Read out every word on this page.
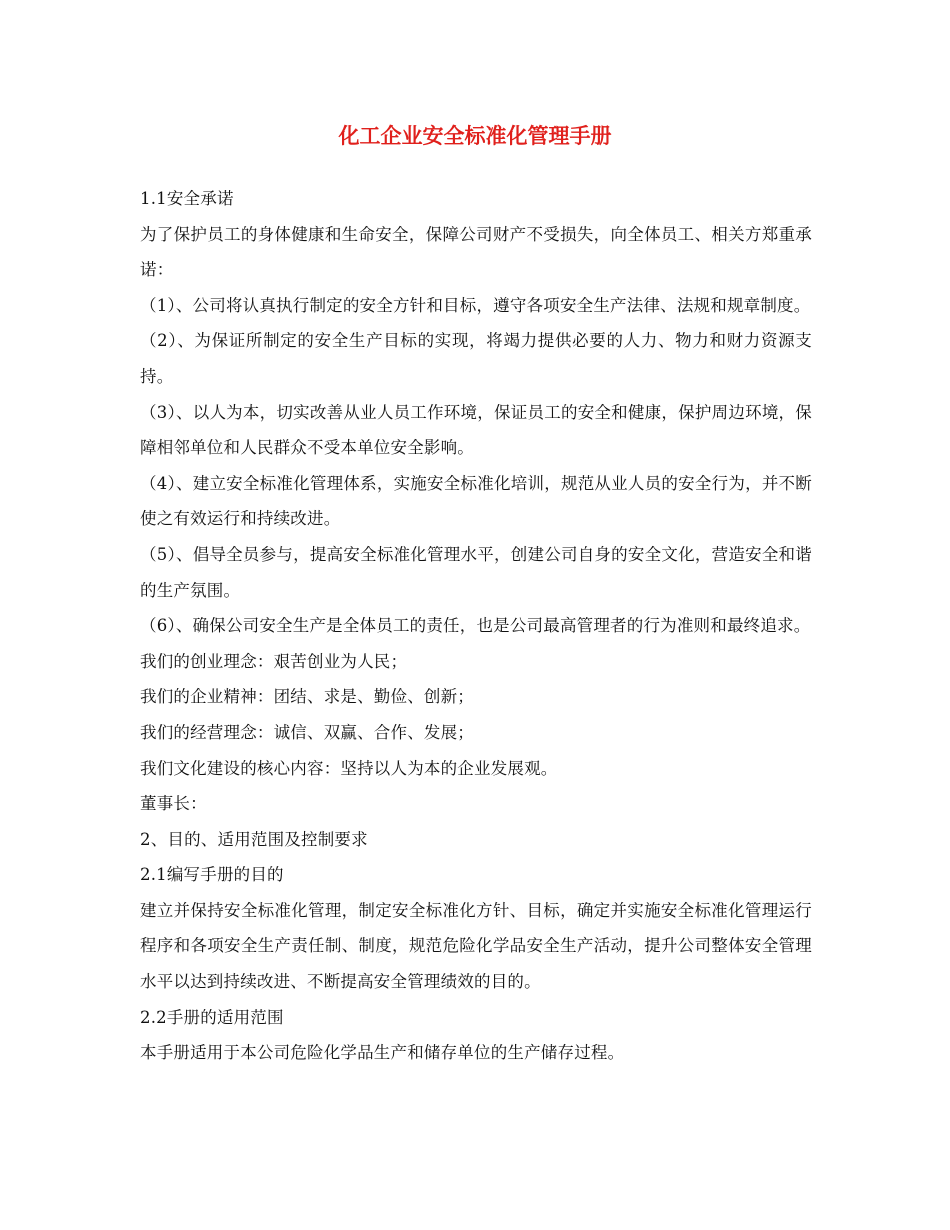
化工企业安全标准化管理手册

1.1安全承诺

为了保护员工的身体健康和生命安全，保障公司财产不受损失，向全体员工、相关方郑重承诺：

（1）、公司将认真执行制定的安全方针和目标，遵守各项安全生产法律、法规和规章制度。

（2）、为保证所制定的安全生产目标的实现，将竭力提供必要的人力、物力和财力资源支持。

（3）、以人为本，切实改善从业人员工作环境，保证员工的安全和健康，保护周边环境，保障相邻单位和人民群众不受本单位安全影响。

（4）、建立安全标准化管理体系，实施安全标准化培训，规范从业人员的安全行为，并不断使之有效运行和持续改进。

（5）、倡导全员参与，提高安全标准化管理水平，创建公司自身的安全文化，营造安全和谐的生产氛围。

（6）、确保公司安全生产是全体员工的责任，也是公司最高管理者的行为准则和最终追求。

我们的创业理念：艰苦创业为人民；

我们的企业精神：团结、求是、勤俭、创新；

我们的经营理念：诚信、双赢、合作、发展；

我们文化建设的核心内容：坚持以人为本的企业发展观。

董事长：

2、目的、适用范围及控制要求

2.1编写手册的目的

建立并保持安全标准化管理，制定安全标准化方针、目标，确定并实施安全标准化管理运行程序和各项安全生产责任制、制度，规范危险化学品安全生产活动，提升公司整体安全管理水平以达到持续改进、不断提高安全管理绩效的目的。

2.2手册的适用范围

本手册适用于本公司危险化学品生产和储存单位的生产储存过程。
